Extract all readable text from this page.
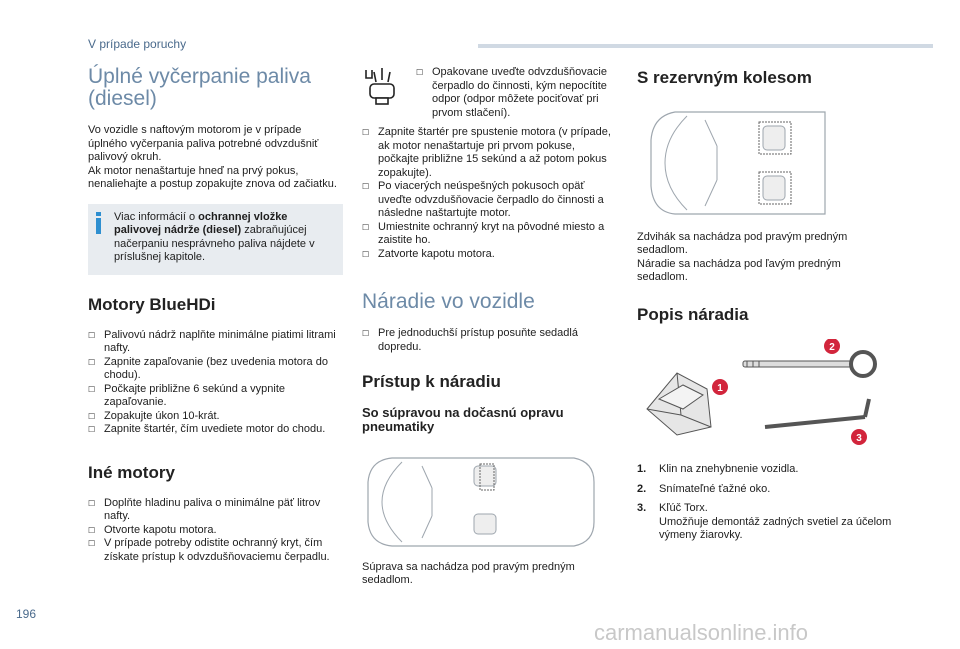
V prípade poruchy
Úplné vyčerpanie paliva (diesel)

Vo vozidle s naftovým motorom je v prípade úplného vyčerpania paliva potrebné odvzdušniť palivový okruh.

Ak motor nenaštartuje hneď na prvý pokus, nenaliehajte a postup zopakujte znova od začiatku.

Viac informácií o ochrannej vložke palivovej nádrže (diesel) zabraňujúcej načerpaniu nesprávneho paliva nájdete v príslušnej kapitole.

Motory BlueHDi
☐ Palivovú nádrž naplňte minimálne piatimi litrami nafty.
☐ Zapnite zapaľovanie (bez uvedenia motora do chodu).
☐ Počkajte približne 6 sekúnd a vypnite zapaľovanie.
☐ Zopakujte úkon 10-krát.
☐ Zapnite štartér, čím uvediete motor do chodu.
Iné motory
☐ Doplňte hladinu paliva o minimálne päť litrov nafty.
☐ Otvorte kapotu motora.
☐ V prípade potreby odistite ochranný kryt, čím získate prístup k odvzdušňovaciemu čerpadlu.
☐ Opakovane uveďte odvzdušňovacie čerpadlo do činnosti, kým nepocítite odpor (odpor môžete pociťovať pri prvom stlačení).
☐ Zapnite štartér pre spustenie motora (v prípade, ak motor nenaštartuje pri prvom pokuse, počkajte približne 15 sekúnd a až potom pokus zopakujte).
☐ Po viacerých neúspešných pokusoch opäť uveďte odvzdušňovacie čerpadlo do činnosti a následne naštartujte motor.
☐ Umiestnite ochranný kryt na pôvodné miesto a zaistite ho.
☐ Zatvorte kapotu motora.
Náradie vo vozidle
☐ Pre jednoduchší prístup posuňte sedadlá dopredu.
Prístup k náradiu
So súpravou na dočasnú opravu pneumatiky

Súprava sa nachádza pod pravým predným sedadlom.

S rezervným kolesom

Zdvihák sa nachádza pod pravým predným sedadlom.

Náradie sa nachádza pod ľavým predným sedadlom.

Popis náradia
1
2
3
1.	Klin na znehybnenie vozidla.
2.	Snímateľné ťažné oko.
3.	Kľúč Torx.
Umožňuje demontáž zadných svetiel za účelom výmeny žiarovky.
196
carmanualsonline.info
